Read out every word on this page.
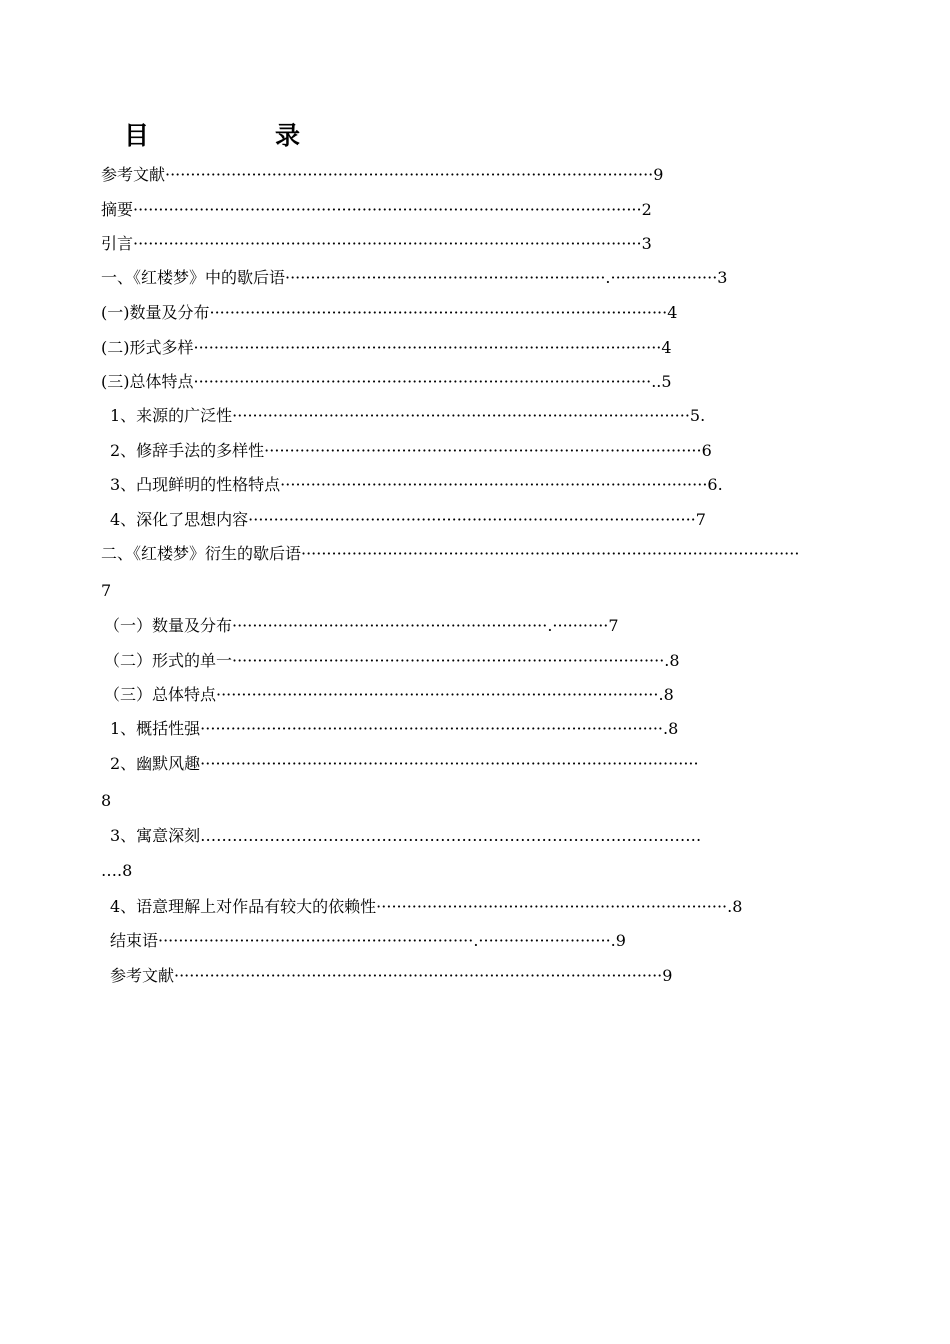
目	录
参考文献································································································9
摘要····································································································2
引言····································································································3
一、《红楼梦》中的歇后语·······························································.·····················3
(一)数量及分布··························································································4
(二)形式多样····························································································4
(三)总体特点··························································································..5
1、来源的广泛性··························································································5.
2、修辞手法的多样性······················································································6
3、凸现鲜明的性格特点····················································································6.
4、深化了思想内容························································································7
二、《红楼梦》衍生的歇后语··································································································
7
（一）数量及分布······························································.···········7
（二）形式的单一·····················································································.8
（三）总体特点·······················································································.8
1、概括性强···························································································.8
2、幽默风趣··································································································
8
3、寓意深刻…………………………………………………………………….……………
….8
4、语意理解上对作品有较大的依赖性·····································································.8
结束语······························································.··························.9
参考文献································································································9
